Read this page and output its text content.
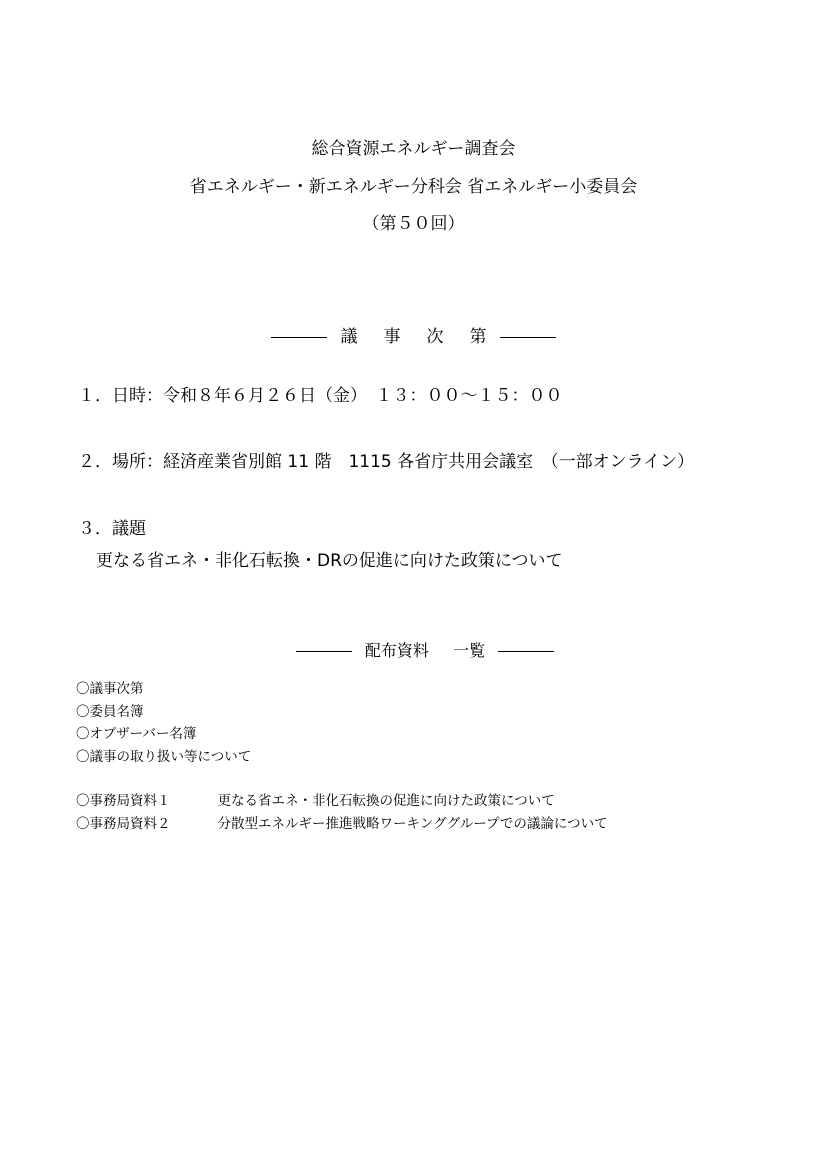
総合資源エネルギー調査会
省エネルギー・新エネルギー分科会 省エネルギー小委員会
（第５０回）
議事次第
１．日時：令和８年６月２６日（金）　１３：００～１５：００
２．場所：経済産業省別館 11 階　1115 各省庁共用会議室　（一部オンライン）
３．議題
更なる省エネ・非化石転換・DRの促進に向けた政策について
配布資料 一覧
〇議事次第
〇委員名簿
〇オブザーバー名簿
〇議事の取り扱い等について
〇事務局資料１	更なる省エネ・非化石転換の促進に向けた政策について
〇事務局資料２	分散型エネルギー推進戦略ワーキンググループでの議論について
